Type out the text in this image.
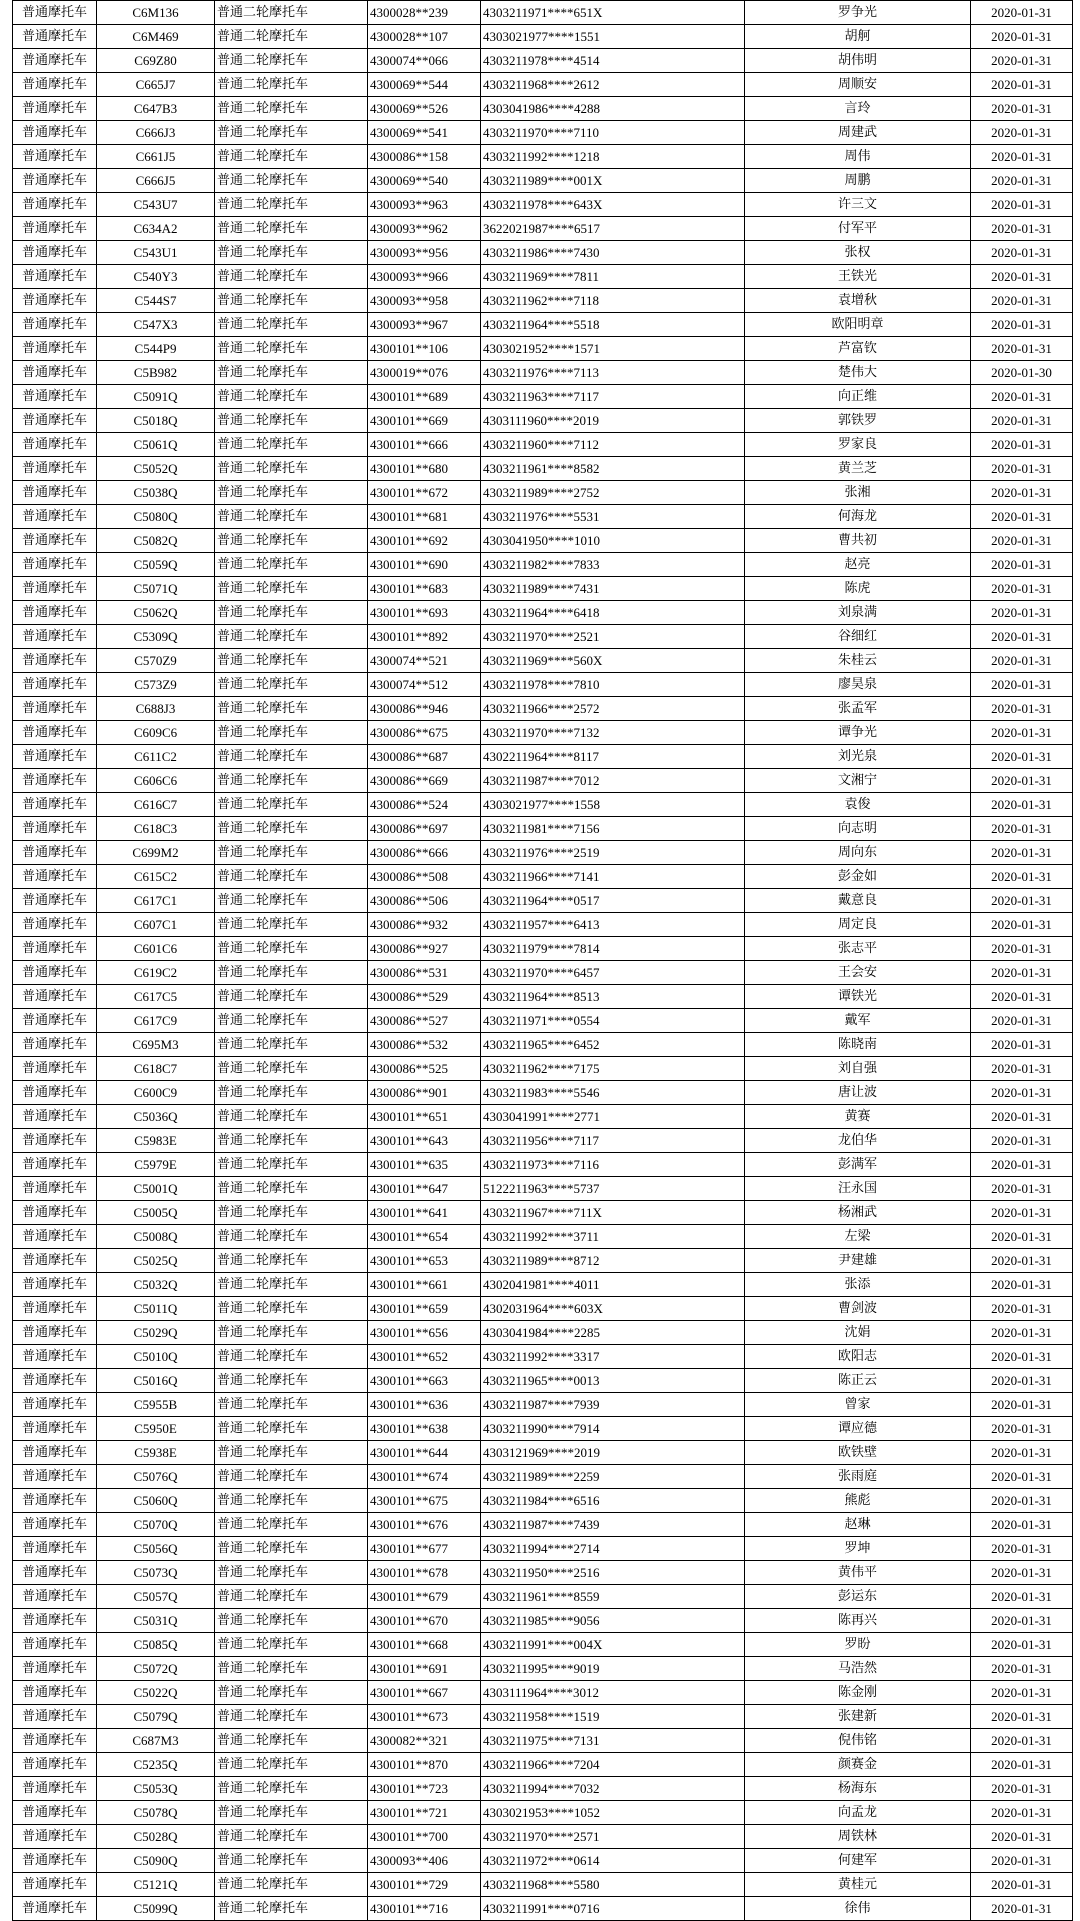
普通摩托车	C6M136	普通二轮摩托车	4300028**239	4303211971****651X	罗争光	2020-01-31
普通摩托车	C6M469	普通二轮摩托车	4300028**107	4303021977****1551	胡舸	2020-01-31
普通摩托车	C69Z80	普通二轮摩托车	4300074**066	4303211978****4514	胡伟明	2020-01-31
普通摩托车	C665J7	普通二轮摩托车	4300069**544	4303211968****2612	周顺安	2020-01-31
普通摩托车	C647B3	普通二轮摩托车	4300069**526	4303041986****4288	言玲	2020-01-31
普通摩托车	C666J3	普通二轮摩托车	4300069**541	4303211970****7110	周建武	2020-01-31
普通摩托车	C661J5	普通二轮摩托车	4300086**158	4303211992****1218	周伟	2020-01-31
普通摩托车	C666J5	普通二轮摩托车	4300069**540	4303211989****001X	周鹏	2020-01-31
普通摩托车	C543U7	普通二轮摩托车	4300093**963	4303211978****643X	许三文	2020-01-31
普通摩托车	C634A2	普通二轮摩托车	4300093**962	3622021987****6517	付军平	2020-01-31
普通摩托车	C543U1	普通二轮摩托车	4300093**956	4303211986****7430	张权	2020-01-31
普通摩托车	C540Y3	普通二轮摩托车	4300093**966	4303211969****7811	王铁光	2020-01-31
普通摩托车	C544S7	普通二轮摩托车	4300093**958	4303211962****7118	袁增秋	2020-01-31
普通摩托车	C547X3	普通二轮摩托车	4300093**967	4303211964****5518	欧阳明章	2020-01-31
普通摩托车	C544P9	普通二轮摩托车	4300101**106	4303021952****1571	芦富钦	2020-01-31
普通摩托车	C5B982	普通二轮摩托车	4300019**076	4303211976****7113	楚伟大	2020-01-30
普通摩托车	C5091Q	普通二轮摩托车	4300101**689	4303211963****7117	向正维	2020-01-31
普通摩托车	C5018Q	普通二轮摩托车	4300101**669	4303111960****2019	郭铁罗	2020-01-31
普通摩托车	C5061Q	普通二轮摩托车	4300101**666	4303211960****7112	罗家良	2020-01-31
普通摩托车	C5052Q	普通二轮摩托车	4300101**680	4303211961****8582	黄兰芝	2020-01-31
普通摩托车	C5038Q	普通二轮摩托车	4300101**672	4303211989****2752	张湘	2020-01-31
普通摩托车	C5080Q	普通二轮摩托车	4300101**681	4303211976****5531	何海龙	2020-01-31
普通摩托车	C5082Q	普通二轮摩托车	4300101**692	4303041950****1010	曹共初	2020-01-31
普通摩托车	C5059Q	普通二轮摩托车	4300101**690	4303211982****7833	赵亮	2020-01-31
普通摩托车	C5071Q	普通二轮摩托车	4300101**683	4303211989****7431	陈虎	2020-01-31
普通摩托车	C5062Q	普通二轮摩托车	4300101**693	4303211964****6418	刘泉满	2020-01-31
普通摩托车	C5309Q	普通二轮摩托车	4300101**892	4303211970****2521	谷细红	2020-01-31
普通摩托车	C570Z9	普通二轮摩托车	4300074**521	4303211969****560X	朱桂云	2020-01-31
普通摩托车	C573Z9	普通二轮摩托车	4300074**512	4303211978****7810	廖昊泉	2020-01-31
普通摩托车	C688J3	普通二轮摩托车	4300086**946	4303211966****2572	张孟军	2020-01-31
普通摩托车	C609C6	普通二轮摩托车	4300086**675	4303211970****7132	谭争光	2020-01-31
普通摩托车	C611C2	普通二轮摩托车	4300086**687	4302211964****8117	刘光泉	2020-01-31
普通摩托车	C606C6	普通二轮摩托车	4300086**669	4303211987****7012	文湘宁	2020-01-31
普通摩托车	C616C7	普通二轮摩托车	4300086**524	4303021977****1558	袁俊	2020-01-31
普通摩托车	C618C3	普通二轮摩托车	4300086**697	4303211981****7156	向志明	2020-01-31
普通摩托车	C699M2	普通二轮摩托车	4300086**666	4303211976****2519	周向东	2020-01-31
普通摩托车	C615C2	普通二轮摩托车	4300086**508	4303211966****7141	彭金如	2020-01-31
普通摩托车	C617C1	普通二轮摩托车	4300086**506	4303211964****0517	戴意良	2020-01-31
普通摩托车	C607C1	普通二轮摩托车	4300086**932	4303211957****6413	周定良	2020-01-31
普通摩托车	C601C6	普通二轮摩托车	4300086**927	4303211979****7814	张志平	2020-01-31
普通摩托车	C619C2	普通二轮摩托车	4300086**531	4303211970****6457	王会安	2020-01-31
普通摩托车	C617C5	普通二轮摩托车	4300086**529	4303211964****8513	谭铁光	2020-01-31
普通摩托车	C617C9	普通二轮摩托车	4300086**527	4303211971****0554	戴军	2020-01-31
普通摩托车	C695M3	普通二轮摩托车	4300086**532	4303211965****6452	陈晓南	2020-01-31
普通摩托车	C618C7	普通二轮摩托车	4300086**525	4303211962****7175	刘自强	2020-01-31
普通摩托车	C600C9	普通二轮摩托车	4300086**901	4303211983****5546	唐让波	2020-01-31
普通摩托车	C5036Q	普通二轮摩托车	4300101**651	4303041991****2771	黄赛	2020-01-31
普通摩托车	C5983E	普通二轮摩托车	4300101**643	4303211956****7117	龙伯华	2020-01-31
普通摩托车	C5979E	普通二轮摩托车	4300101**635	4303211973****7116	彭满军	2020-01-31
普通摩托车	C5001Q	普通二轮摩托车	4300101**647	5122211963****5737	汪永国	2020-01-31
普通摩托车	C5005Q	普通二轮摩托车	4300101**641	4303211967****711X	杨湘武	2020-01-31
普通摩托车	C5008Q	普通二轮摩托车	4300101**654	4303211992****3711	左梁	2020-01-31
普通摩托车	C5025Q	普通二轮摩托车	4300101**653	4303211989****8712	尹建雄	2020-01-31
普通摩托车	C5032Q	普通二轮摩托车	4300101**661	4302041981****4011	张添	2020-01-31
普通摩托车	C5011Q	普通二轮摩托车	4300101**659	4302031964****603X	曹剑波	2020-01-31
普通摩托车	C5029Q	普通二轮摩托车	4300101**656	4303041984****2285	沈娟	2020-01-31
普通摩托车	C5010Q	普通二轮摩托车	4300101**652	4303211992****3317	欧阳志	2020-01-31
普通摩托车	C5016Q	普通二轮摩托车	4300101**663	4303211965****0013	陈正云	2020-01-31
普通摩托车	C5955B	普通二轮摩托车	4300101**636	4303211987****7939	曾家	2020-01-31
普通摩托车	C5950E	普通二轮摩托车	4300101**638	4303211990****7914	谭应德	2020-01-31
普通摩托车	C5938E	普通二轮摩托车	4300101**644	4303121969****2019	欧铁壁	2020-01-31
普通摩托车	C5076Q	普通二轮摩托车	4300101**674	4303211989****2259	张雨庭	2020-01-31
普通摩托车	C5060Q	普通二轮摩托车	4300101**675	4303211984****6516	熊彪	2020-01-31
普通摩托车	C5070Q	普通二轮摩托车	4300101**676	4303211987****7439	赵琳	2020-01-31
普通摩托车	C5056Q	普通二轮摩托车	4300101**677	4303211994****2714	罗坤	2020-01-31
普通摩托车	C5073Q	普通二轮摩托车	4300101**678	4303211950****2516	黄伟平	2020-01-31
普通摩托车	C5057Q	普通二轮摩托车	4300101**679	4303211961****8559	彭运东	2020-01-31
普通摩托车	C5031Q	普通二轮摩托车	4300101**670	4303211985****9056	陈再兴	2020-01-31
普通摩托车	C5085Q	普通二轮摩托车	4300101**668	4303211991****004X	罗盼	2020-01-31
普通摩托车	C5072Q	普通二轮摩托车	4300101**691	4303211995****9019	马浩然	2020-01-31
普通摩托车	C5022Q	普通二轮摩托车	4300101**667	4303111964****3012	陈金刚	2020-01-31
普通摩托车	C5079Q	普通二轮摩托车	4300101**673	4303211958****1519	张建新	2020-01-31
普通摩托车	C687M3	普通二轮摩托车	4300082**321	4303211975****7131	倪伟铭	2020-01-31
普通摩托车	C5235Q	普通二轮摩托车	4300101**870	4303211966****7204	颜赛金	2020-01-31
普通摩托车	C5053Q	普通二轮摩托车	4300101**723	4303211994****7032	杨海东	2020-01-31
普通摩托车	C5078Q	普通二轮摩托车	4300101**721	4303021953****1052	向孟龙	2020-01-31
普通摩托车	C5028Q	普通二轮摩托车	4300101**700	4303211970****2571	周铁林	2020-01-31
普通摩托车	C5090Q	普通二轮摩托车	4300093**406	4303211972****0614	何建军	2020-01-31
普通摩托车	C5121Q	普通二轮摩托车	4300101**729	4303211968****5580	黄桂元	2020-01-31
普通摩托车	C5099Q	普通二轮摩托车	4300101**716	4303211991****0716	徐伟	2020-01-31
